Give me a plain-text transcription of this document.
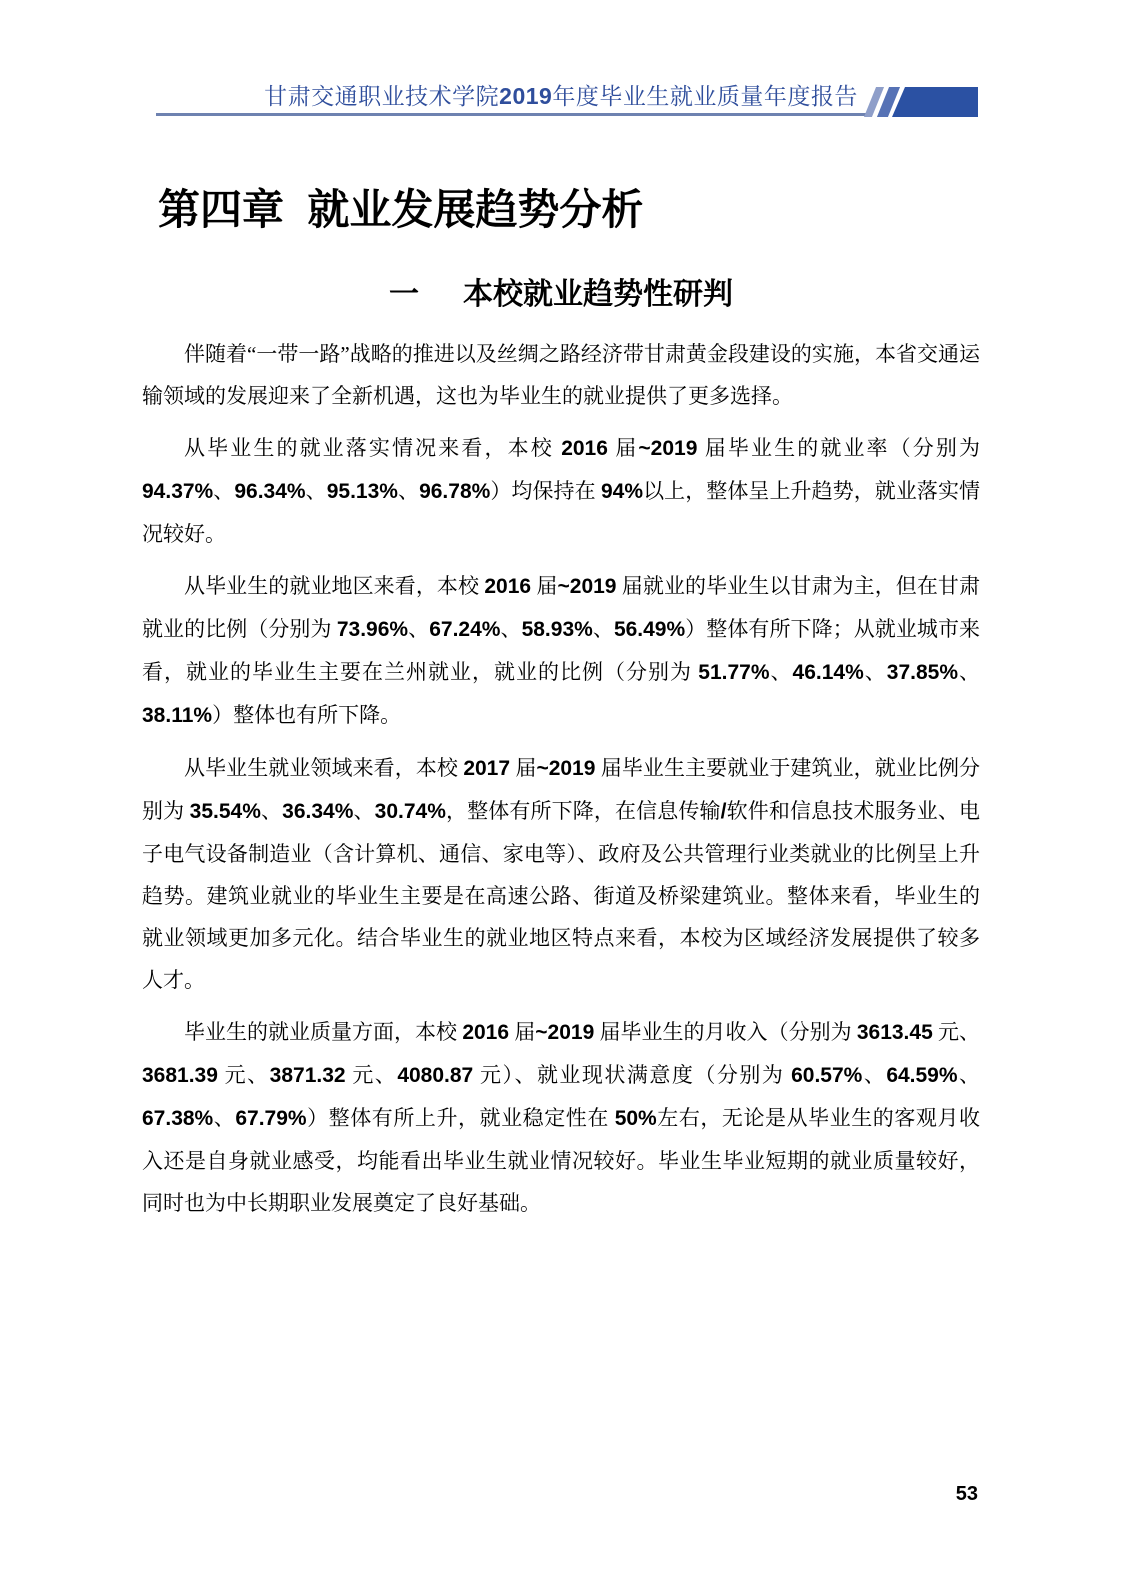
甘肃交通职业技术学院2019年度毕业生就业质量年度报告
第四章  就业发展趋势分析
一 本校就业趋势性研判

伴随着“一带一路”战略的推进以及丝绸之路经济带甘肃黄金段建设的实施，本省交通运输领域的发展迎来了全新机遇，这也为毕业生的就业提供了更多选择。

从毕业生的就业落实情况来看，本校 2016 届~2019 届毕业生的就业率（分别为 94.37%、96.34%、95.13%、96.78%）均保持在 94%以上，整体呈上升趋势，就业落实情况较好。

从毕业生的就业地区来看，本校 2016 届~2019 届就业的毕业生以甘肃为主，但在甘肃就业的比例（分别为 73.96%、67.24%、58.93%、56.49%）整体有所下降；从就业城市来看，就业的毕业生主要在兰州就业，就业的比例（分别为 51.77%、46.14%、37.85%、38.11%）整体也有所下降。

从毕业生就业领域来看，本校 2017 届~2019 届毕业生主要就业于建筑业，就业比例分别为 35.54%、36.34%、30.74%，整体有所下降，在信息传输/软件和信息技术服务业、电子电气设备制造业（含计算机、通信、家电等）、政府及公共管理行业类就业的比例呈上升趋势。建筑业就业的毕业生主要是在高速公路、街道及桥梁建筑业。整体来看，毕业生的就业领域更加多元化。结合毕业生的就业地区特点来看，本校为区域经济发展提供了较多人才。

毕业生的就业质量方面，本校 2016 届~2019 届毕业生的月收入（分别为 3613.45 元、3681.39 元、3871.32 元、4080.87 元）、就业现状满意度（分别为 60.57%、64.59%、67.38%、67.79%）整体有所上升，就业稳定性在 50%左右，无论是从毕业生的客观月收入还是自身就业感受，均能看出毕业生就业情况较好。毕业生毕业短期的就业质量较好，同时也为中长期职业发展奠定了良好基础。

53
